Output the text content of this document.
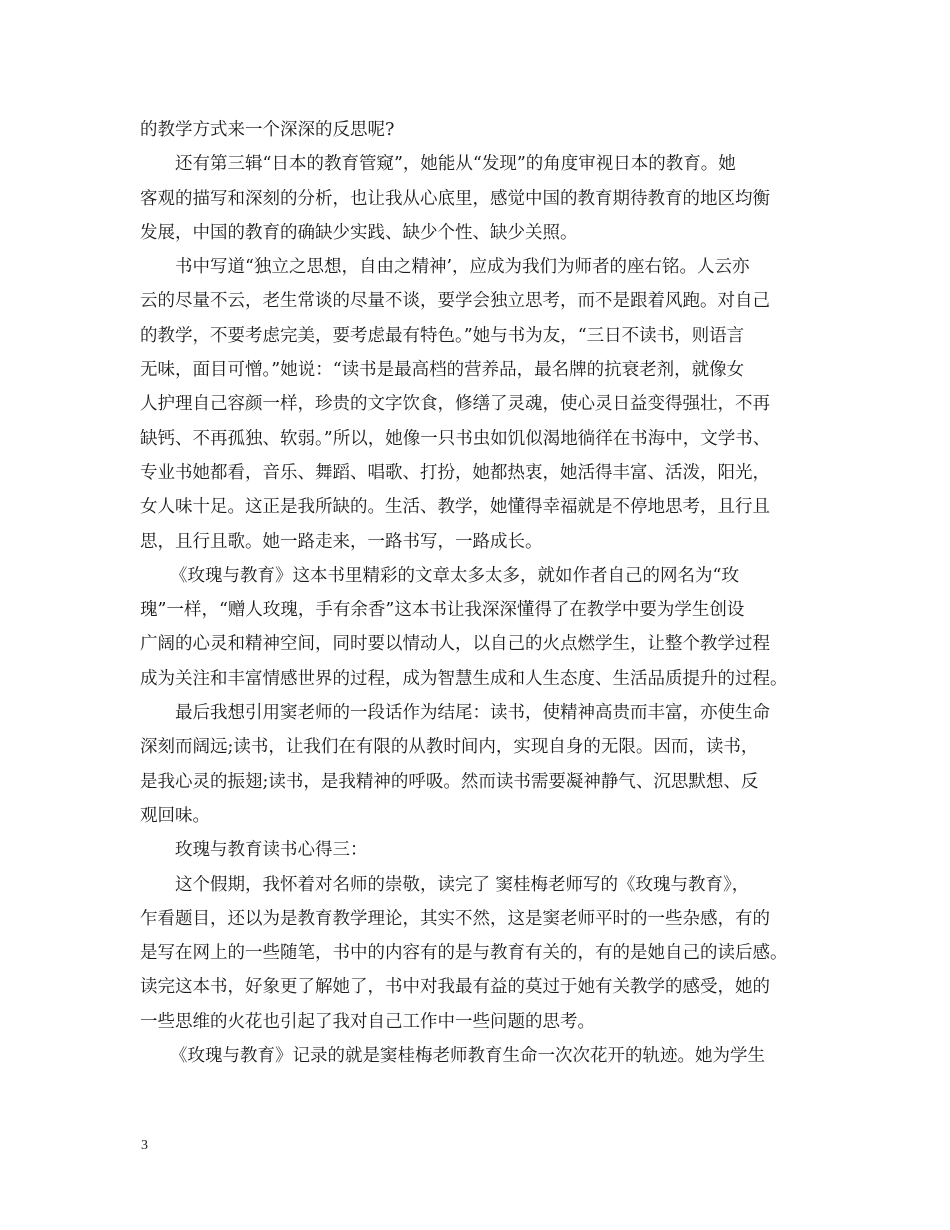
的教学方式来一个深深的反思呢?
还有第三辑“日本的教育管窥”，她能从“发现”的角度审视日本的教育。她
客观的描写和深刻的分析，也让我从心底里，感觉中国的教育期待教育的地区均衡
发展，中国的教育的确缺少实践、缺少个性、缺少关照。
书中写道“独立之思想，自由之精神’，应成为我们为师者的座右铭。人云亦
云的尽量不云，老生常谈的尽量不谈，要学会独立思考，而不是跟着风跑。对自己
的教学，不要考虑完美，要考虑最有特色。”她与书为友，“三日不读书，则语言
无味，面目可憎。”她说：“读书是最高档的营养品，最名牌的抗衰老剂，就像女
人护理自己容颜一样，珍贵的文字饮食，修缮了灵魂，使心灵日益变得强壮，不再
缺钙、不再孤独、软弱。”所以，她像一只书虫如饥似渴地徜徉在书海中，文学书、
专业书她都看，音乐、舞蹈、唱歌、打扮，她都热衷，她活得丰富、活泼，阳光，
女人味十足。这正是我所缺的。生活、教学，她懂得幸福就是不停地思考，且行且
思，且行且歌。她一路走来，一路书写，一路成长。
《玫瑰与教育》这本书里精彩的文章太多太多，就如作者自己的网名为“玫
瑰”一样，“赠人玫瑰，手有余香”这本书让我深深懂得了在教学中要为学生创设
广阔的心灵和精神空间，同时要以情动人，以自己的火点燃学生，让整个教学过程
成为关注和丰富情感世界的过程，成为智慧生成和人生态度、生活品质提升的过程。
最后我想引用窦老师的一段话作为结尾：读书，使精神高贵而丰富，亦使生命
深刻而阔远;读书，让我们在有限的从教时间内，实现自身的无限。因而，读书，
是我心灵的振翅;读书，是我精神的呼吸。然而读书需要凝神静气、沉思默想、反
观回味。
玫瑰与教育读书心得三：
这个假期，我怀着对名师的崇敬，读完了 窦桂梅老师写的《玫瑰与教育》，
乍看题目，还以为是教育教学理论，其实不然，这是窦老师平时的一些杂感，有的
是写在网上的一些随笔，书中的内容有的是与教育有关的，有的是她自己的读后感。
读完这本书，好象更了解她了，书中对我最有益的莫过于她有关教学的感受，她的
一些思维的火花也引起了我对自己工作中一些问题的思考。
《玫瑰与教育》记录的就是窦桂梅老师教育生命一次次花开的轨迹。她为学生
3
